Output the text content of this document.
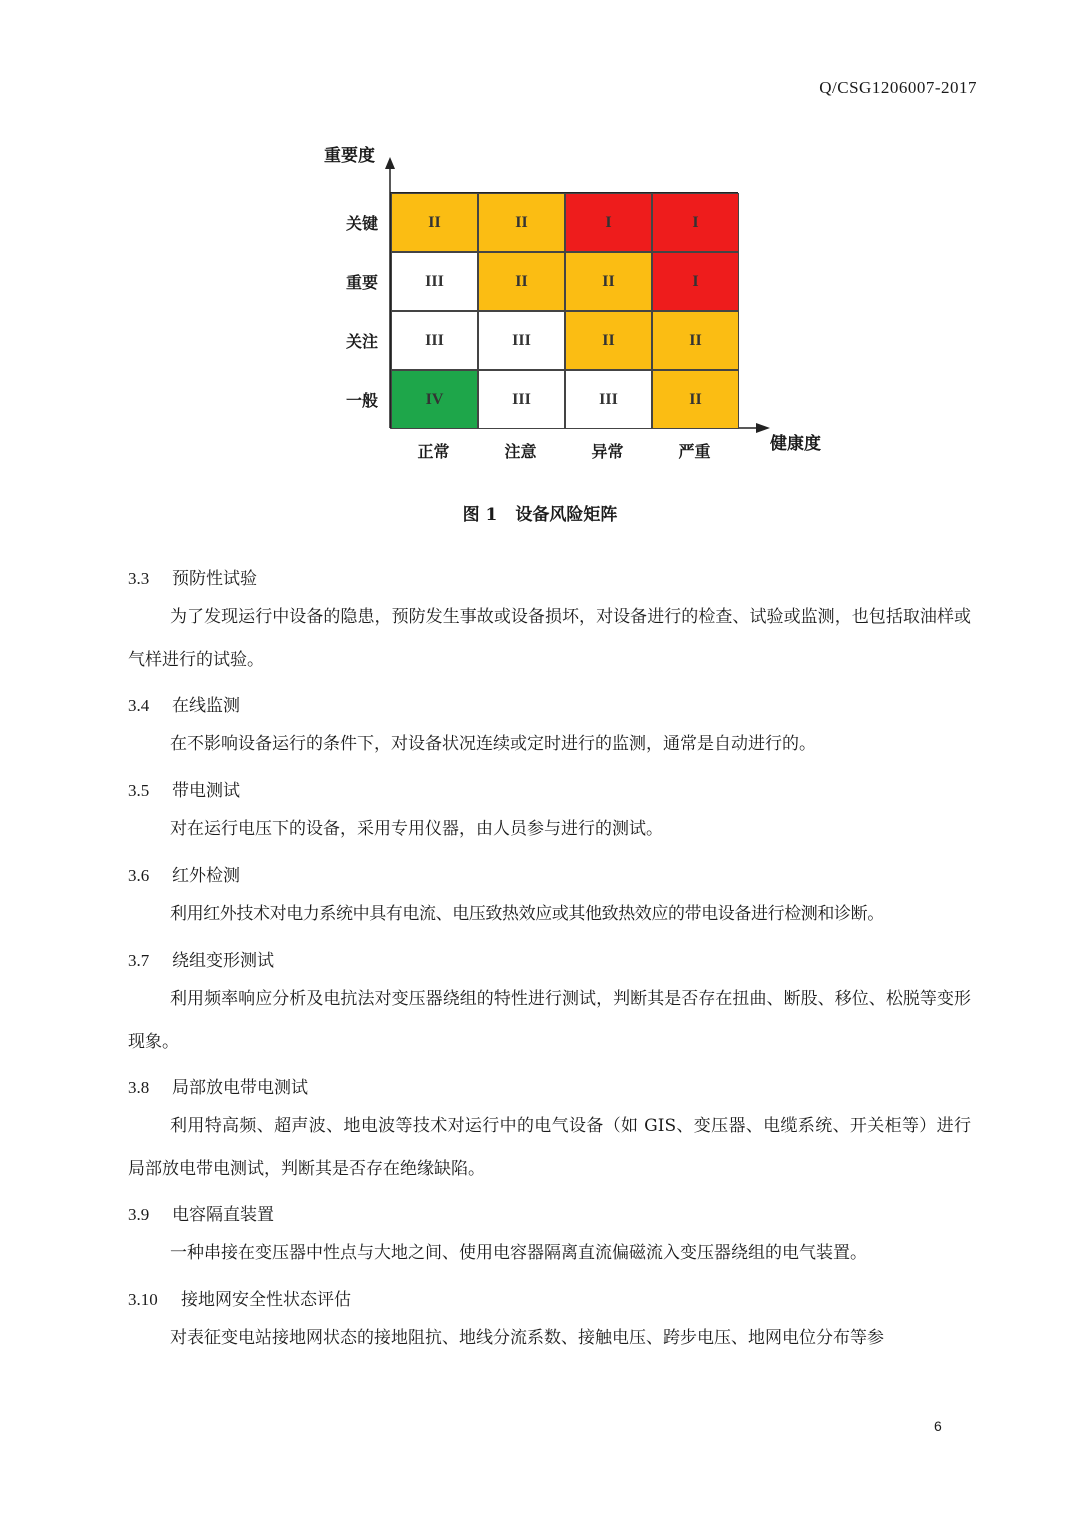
Q/CSG1206007-2017
重要度
健康度
关键
重要
关注
一般
II	II	I	I
III	II	II	I
III	III	II	II
IV	III	III	II
正常	注意	异常	严重
图 1 设备风险矩阵
3.3 预防性试验
为了发现运行中设备的隐患，预防发生事故或设备损坏，对设备进行的检查、试验或监测，也包括取油样或气样进行的试验。
3.4 在线监测
在不影响设备运行的条件下，对设备状况连续或定时进行的监测，通常是自动进行的。
3.5 带电测试
对在运行电压下的设备，采用专用仪器，由人员参与进行的测试。
3.6 红外检测
利用红外技术对电力系统中具有电流、电压致热效应或其他致热效应的带电设备进行检测和诊断。
3.7 绕组变形测试
利用频率响应分析及电抗法对变压器绕组的特性进行测试，判断其是否存在扭曲、断股、移位、松脱等变形现象。
3.8 局部放电带电测试
利用特高频、超声波、地电波等技术对运行中的电气设备（如 GIS、变压器、电缆系统、开关柜等）进行局部放电带电测试，判断其是否存在绝缘缺陷。
3.9 电容隔直装置
一种串接在变压器中性点与大地之间、使用电容器隔离直流偏磁流入变压器绕组的电气装置。
3.10 接地网安全性状态评估
对表征变电站接地网状态的接地阻抗、地线分流系数、接触电压、跨步电压、地网电位分布等参
6
